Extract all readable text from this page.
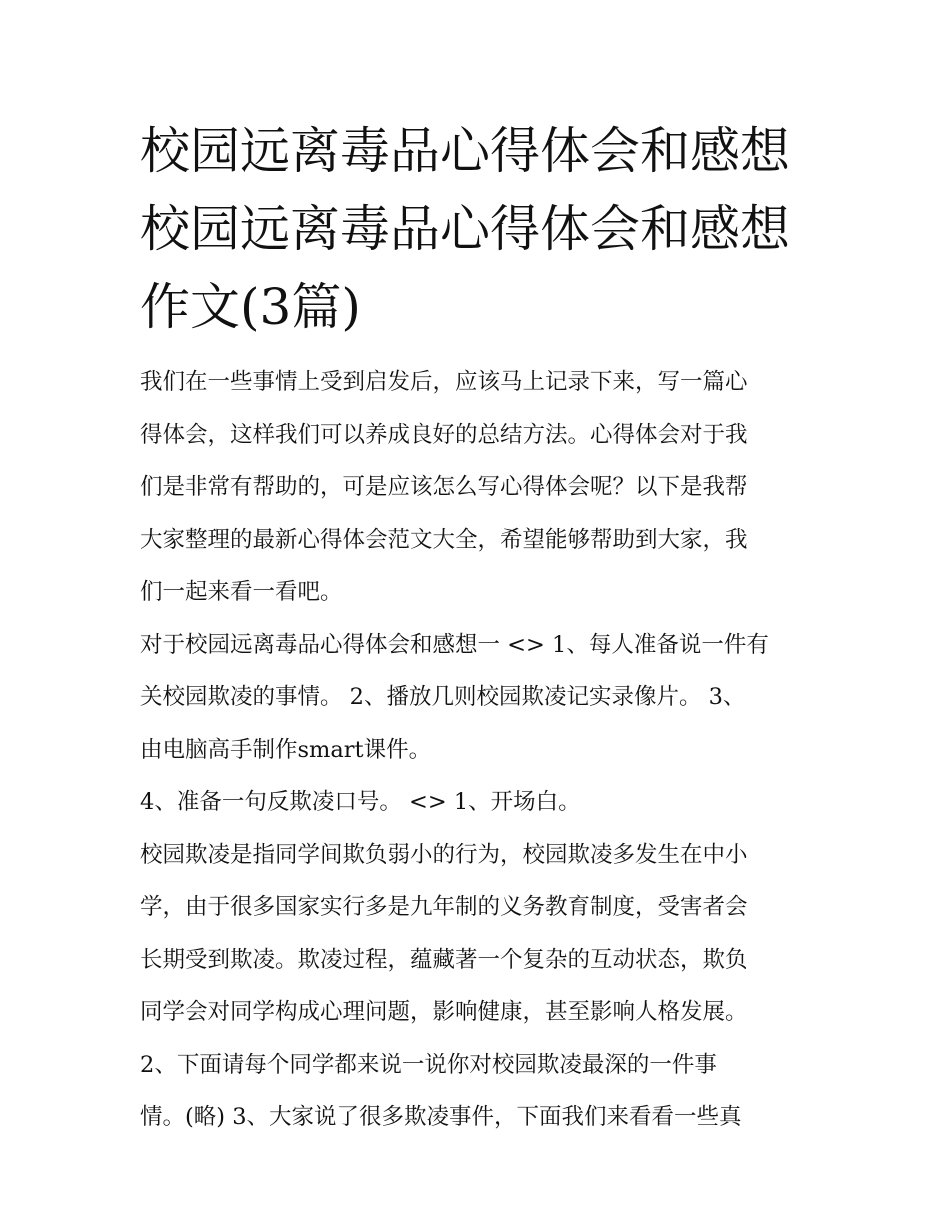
校园远离毒品心得体会和感想
校园远离毒品心得体会和感想
作文(3篇)

我们在一些事情上受到启发后，应该马上记录下来，写一篇心
得体会，这样我们可以养成良好的总结方法。心得体会对于我
们是非常有帮助的，可是应该怎么写心得体会呢？以下是我帮
大家整理的最新心得体会范文大全，希望能够帮助到大家，我
们一起来看一看吧。

对于校园远离毒品心得体会和感想一 <> 1、每人准备说一件有
关校园欺凌的事情。 2、播放几则校园欺凌记实录像片。 3、
由电脑高手制作smart课件。

4、准备一句反欺凌口号。 <> 1、开场白。

校园欺凌是指同学间欺负弱小的行为，校园欺凌多发生在中小
学，由于很多国家实行多是九年制的义务教育制度，受害者会
长期受到欺凌。欺凌过程，蕴藏著一个复杂的互动状态，欺负
同学会对同学构成心理问题，影响健康，甚至影响人格发展。

2、下面请每个同学都来说一说你对校园欺凌最深的一件事
情。(略) 3、大家说了很多欺凌事件，下面我们来看看一些真
